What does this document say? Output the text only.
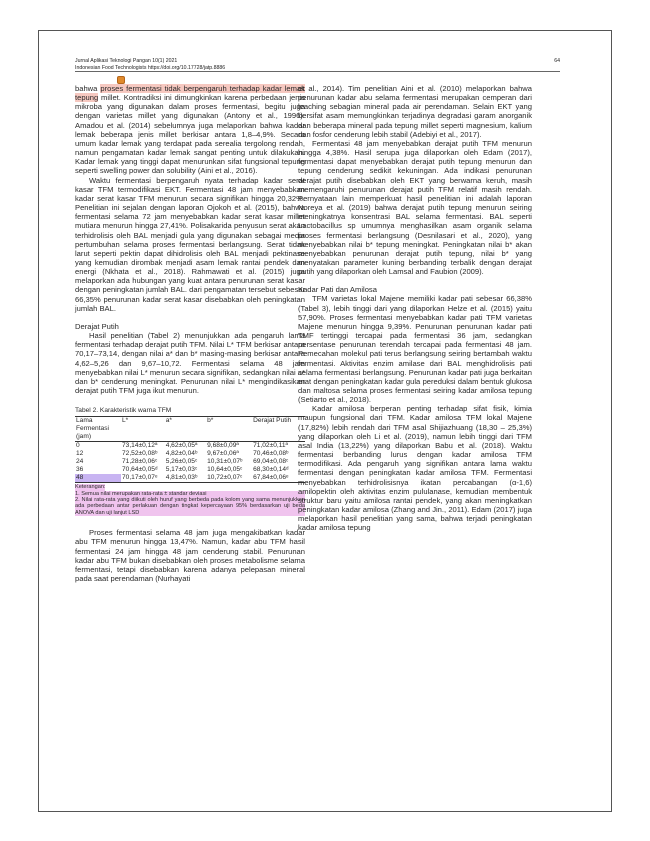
Jurnal Aplikasi Teknologi Pangan 10(1) 2021
Indonesian Food Technologists https://doi.org/10.17728/jatp.8886
64

bahwa proses fermentasi tidak berpengaruh terhadap kadar lemak tepung millet. Kontradiksi ini dimungkinkan karena perbedaan jenis mikroba yang digunakan dalam proses fermentasi, begitu juga dengan varietas millet yang digunakan (Antony et al., 1996). Amadou et al. (2014) sebelumnya juga melaporkan bahwa kadar lemak beberapa jenis millet berkisar antara 1,8–4,9%. Secara umum kadar lemak yang terdapat pada serealia tergolong rendah, namun pengamatan kadar lemak sangat penting untuk dilakukan. Kadar lemak yang tinggi dapat menurunkan sifat fungsional tepung seperti swelling power dan solubility (Aini et al., 2016).

Waktu fermentasi berpengaruh nyata terhadap kadar serat kasar TFM termodifikasi EKT. Fermentasi 48 jam menyebabkan kadar serat kasar TFM menurun secara signifikan hingga 20,32%. Penelitian ini sejalan dengan laporan Ojokoh et al. (2015), bahwa fermentasi selama 72 jam menyebabkan kadar serat kasar millet mutiara menurun hingga 27,41%. Polisakarida penyusun serat akan terhidrolisis oleh BAL menjadi gula yang digunakan sebagai media pertumbuhan selama proses fermentasi berlangsung. Serat tidak larut seperti pektin dapat dihidrolisis oleh BAL menjadi pektinase yang kemudian dirombak menjadi asam lemak rantai pendek dan energi (Nkhata et al., 2018). Rahmawati et al. (2015) juga melaporkan ada hubungan yang kuat antara penurunan serat kasar dengan peningkatan jumlah BAL. dari pengamatan tersebut sebesar 66,35% penurunan kadar serat kasar disebabkan oleh peningkatan jumlah BAL.

Derajat Putih

Hasil penelitian (Tabel 2) menunjukkan ada pengaruh lama fermentasi terhadap derajat putih TFM. Nilai L* TFM berkisar antara 70,17–73,14, dengan nilai a* dan b* masing-masing berkisar antara 4,62–5,26 dan 9,67–10,72. Fermentasi selama 48 jam menyebabkan nilai L* menurun secara signifikan, sedangkan nilai a* dan b* cenderung meningkat. Penurunan nilai L* mengindikasikan derajat putih TFM juga ikut menurun.

Tabel 2. Karakteristik warna TFM
Lama Fermentasi (jam)	L*	a*	b*	Derajat Putih
0	73,14±0,12ª	4,62±0,05ª	9,68±0,09ª	71,02±0,11ª
12	72,52±0,08ᵇ	4,82±0,04ᵇ	9,67±0,06ª	70,46±0,08ᵇ
24	71,28±0,06ᶜ	5,26±0,05ᶜ	10,31±0,07ᵇ	69,04±0,08ᶜ
36	70,64±0,05ᵈ	5,17±0,03ᶜ	10,64±0,05ᶜ	68,30±0,14ᵈ
48	70,17±0,07ᵉ	4,81±0,03ᵇ	10,72±0,07ᶜ	67,84±0,06ᵉ
Keterangan:
1. Semua nilai merupakan rata-rata ± standar deviasi
2. Nilai rata-rata yang diikuti oleh huruf yang berbeda pada kolom yang sama menunjukkan ada perbedaan antar perlakuan dengan tingkat kepercayaan 95% berdasarkan uji beda ANOVA dan uji lanjut LSD

Proses fermentasi selama 48 jam juga mengakibatkan kadar abu TFM menurun hingga 13,47%. Namun, kadar abu TFM hasil fermentasi 24 jam hingga 48 jam cenderung stabil. Penurunan kadar abu TFM bukan disebabkan oleh proses metabolisme selama fermentasi, tetapi disebabkan karena adanya pelepasan mineral pada saat perendaman (Nurhayati

et al., 2014). Tim penelitian Aini et al. (2010) melaporkan bahwa penurunan kadar abu selama fermentasi merupakan cemperan dari leaching sebagian mineral pada air perendaman. Selain EKT yang bersifat asam memungkinkan terjadinya degradasi garam anorganik dan beberapa mineral pada tepung millet seperti magnesium, kalium dan fosfor cenderung lebih stabil (Adebiyi et al., 2017).

Fermentasi 48 jam menyebabkan derajat putih TFM menurun hingga 4,38%. Hasil serupa juga dilaporkan oleh Edam (2017), fermentasi dapat menyebabkan derajat putih tepung menurun dan tepung cenderung sedikit kekuningan. Ada indikasi penurunan derajat putih disebabkan oleh EKT yang berwarna keruh, masih memengaruhi penurunan derajat putih TFM relatif masih rendah. Pernyataan lain memperkuat hasil penelitian ini adalah laporan Noreya et al. (2019) bahwa derajat putih tepung menurun seiring meningkatnya konsentrasi BAL selama fermentasi. BAL seperti Lactobacillus sp umumnya menghasilkan asam organik selama proses fermentasi berlangsung (Desnilasari et al., 2020), yang menyebabkan nilai b* tepung meningkat. Peningkatan nilai b* akan menyebabkan penurunan derajat putih tepung, nilai b* yang menyatakan parameter kuning berbanding terbalik dengan derajat putih yang dilaporkan oleh Lamsal and Faubion (2009).

Kadar Pati dan Amilosa

TFM varietas lokal Majene memiliki kadar pati sebesar 66,38% (Tabel 3), lebih tinggi dari yang dilaporkan Helze et al. (2015) yaitu 57,90%. Proses fermentasi menyebabkan kadar pati TFM varietas Majene menurun hingga 9,39%. Penurunan penurunan kadar pati TMF tertinggi tercapai pada fermentasi 36 jam, sedangkan persentase penurunan terendah tercapai pada fermentasi 48 jam. Pemecahan molekul pati terus berlangsung seiring bertambah waktu fermentasi. Aktivitas enzim amilase dari BAL menghidrolisis pati selama fermentasi berlangsung. Penurunan kadar pati juga berkaitan erat dengan peningkatan kadar gula pereduksi dalam bentuk glukosa dan maltosa selama proses fermentasi seiring kadar amilosa tepung (Setiarto et al., 2018).

Kadar amilosa berperan penting terhadap sifat fisik, kimia maupun fungsional dari TFM. Kadar amilosa TFM lokal Majene (17,82%) lebih rendah dari TFM asal Shijiazhuang (18,30 – 25,3%) yang dilaporkan oleh Li et al. (2019), namun lebih tinggi dari TFM asal India (13,22%) yang dilaporkan Babu et al. (2018). Waktu fermentasi berbanding lurus dengan kadar amilosa TFM termodifikasi. Ada pengaruh yang signifikan antara lama waktu fermentasi dengan peningkatan kadar amilosa TFM. Fermentasi menyebabkan terhidrolisisnya ikatan percabangan (α-1,6) amilopektin oleh aktivitas enzim pululanase, kemudian membentuk struktur baru yaitu amilosa rantai pendek, yang akan meningkatkan peningkatan kadar amilosa (Zhang and Jin., 2011). Edam (2017) juga melaporkan hasil penelitian yang sama, bahwa terjadi peningkatan kadar amilosa tepung
